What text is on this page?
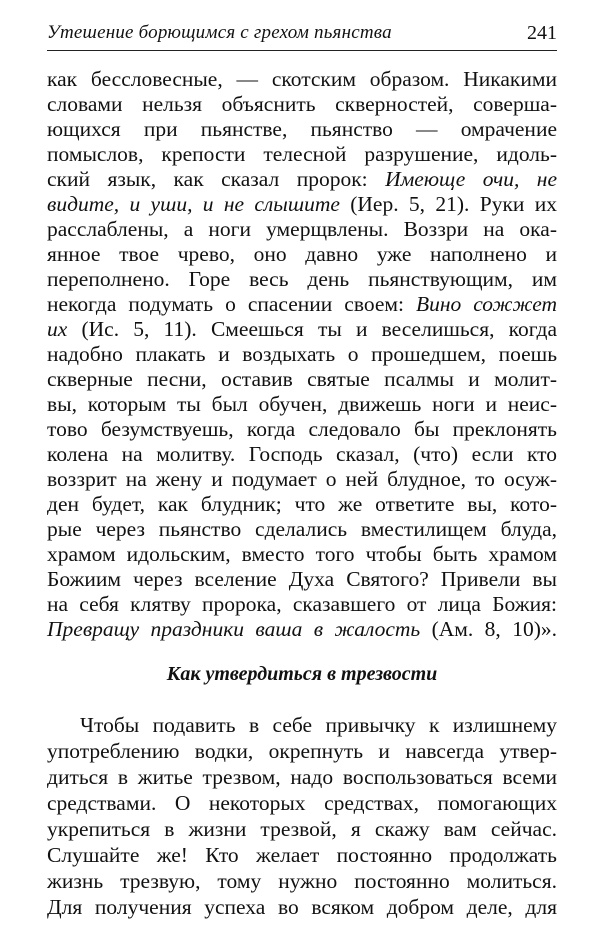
Утешение борющимся с грехом пьянства	241
как бессловесные, — скотским образом. Никакими
словами нельзя объяснить скверностей, соверша-
ющихся при пьянстве, пьянство — омрачение
помыслов, крепости телесной разрушение, идоль-
ский язык, как сказал пророк: Имеюще очи, не
видите, и уши, и не слышите (Иер. 5, 21). Руки их
расслаблены, а ноги умерщвлены. Воззри на ока-
янное твое чрево, оно давно уже наполнено и
переполнено. Горе весь день пьянствующим, им
некогда подумать о спасении своем: Вино сожжет
их (Ис. 5, 11). Смеешься ты и веселишься, когда
надобно плакать и воздыхать о прошедшем, поешь
скверные песни, оставив святые псалмы и молит-
вы, которым ты был обучен, движешь ноги и неис-
тово безумствуешь, когда следовало бы преклонять
колена на молитву. Господь сказал, (что) если кто
воззрит на жену и подумает о ней блудное, то осуж-
ден будет, как блудник; что же ответите вы, кото-
рые через пьянство сделались вместилищем блуда,
храмом идольским, вместо того чтобы быть храмом
Божиим через вселение Духа Святого? Привели вы
на себя клятву пророка, сказавшего от лица Божия:
Превращу праздники ваша в жалость (Ам. 8, 10)».
Как утвердиться в трезвости
Чтобы подавить в себе привычку к излишнему
употреблению водки, окрепнуть и навсегда утвер-
диться в житье трезвом, надо воспользоваться всеми
средствами. О некоторых средствах, помогающих
укрепиться в жизни трезвой, я скажу вам сейчас.
Слушайте же! Кто желает постоянно продолжать
жизнь трезвую, тому нужно постоянно молиться.
Для получения успеха во всяком добром деле, для
